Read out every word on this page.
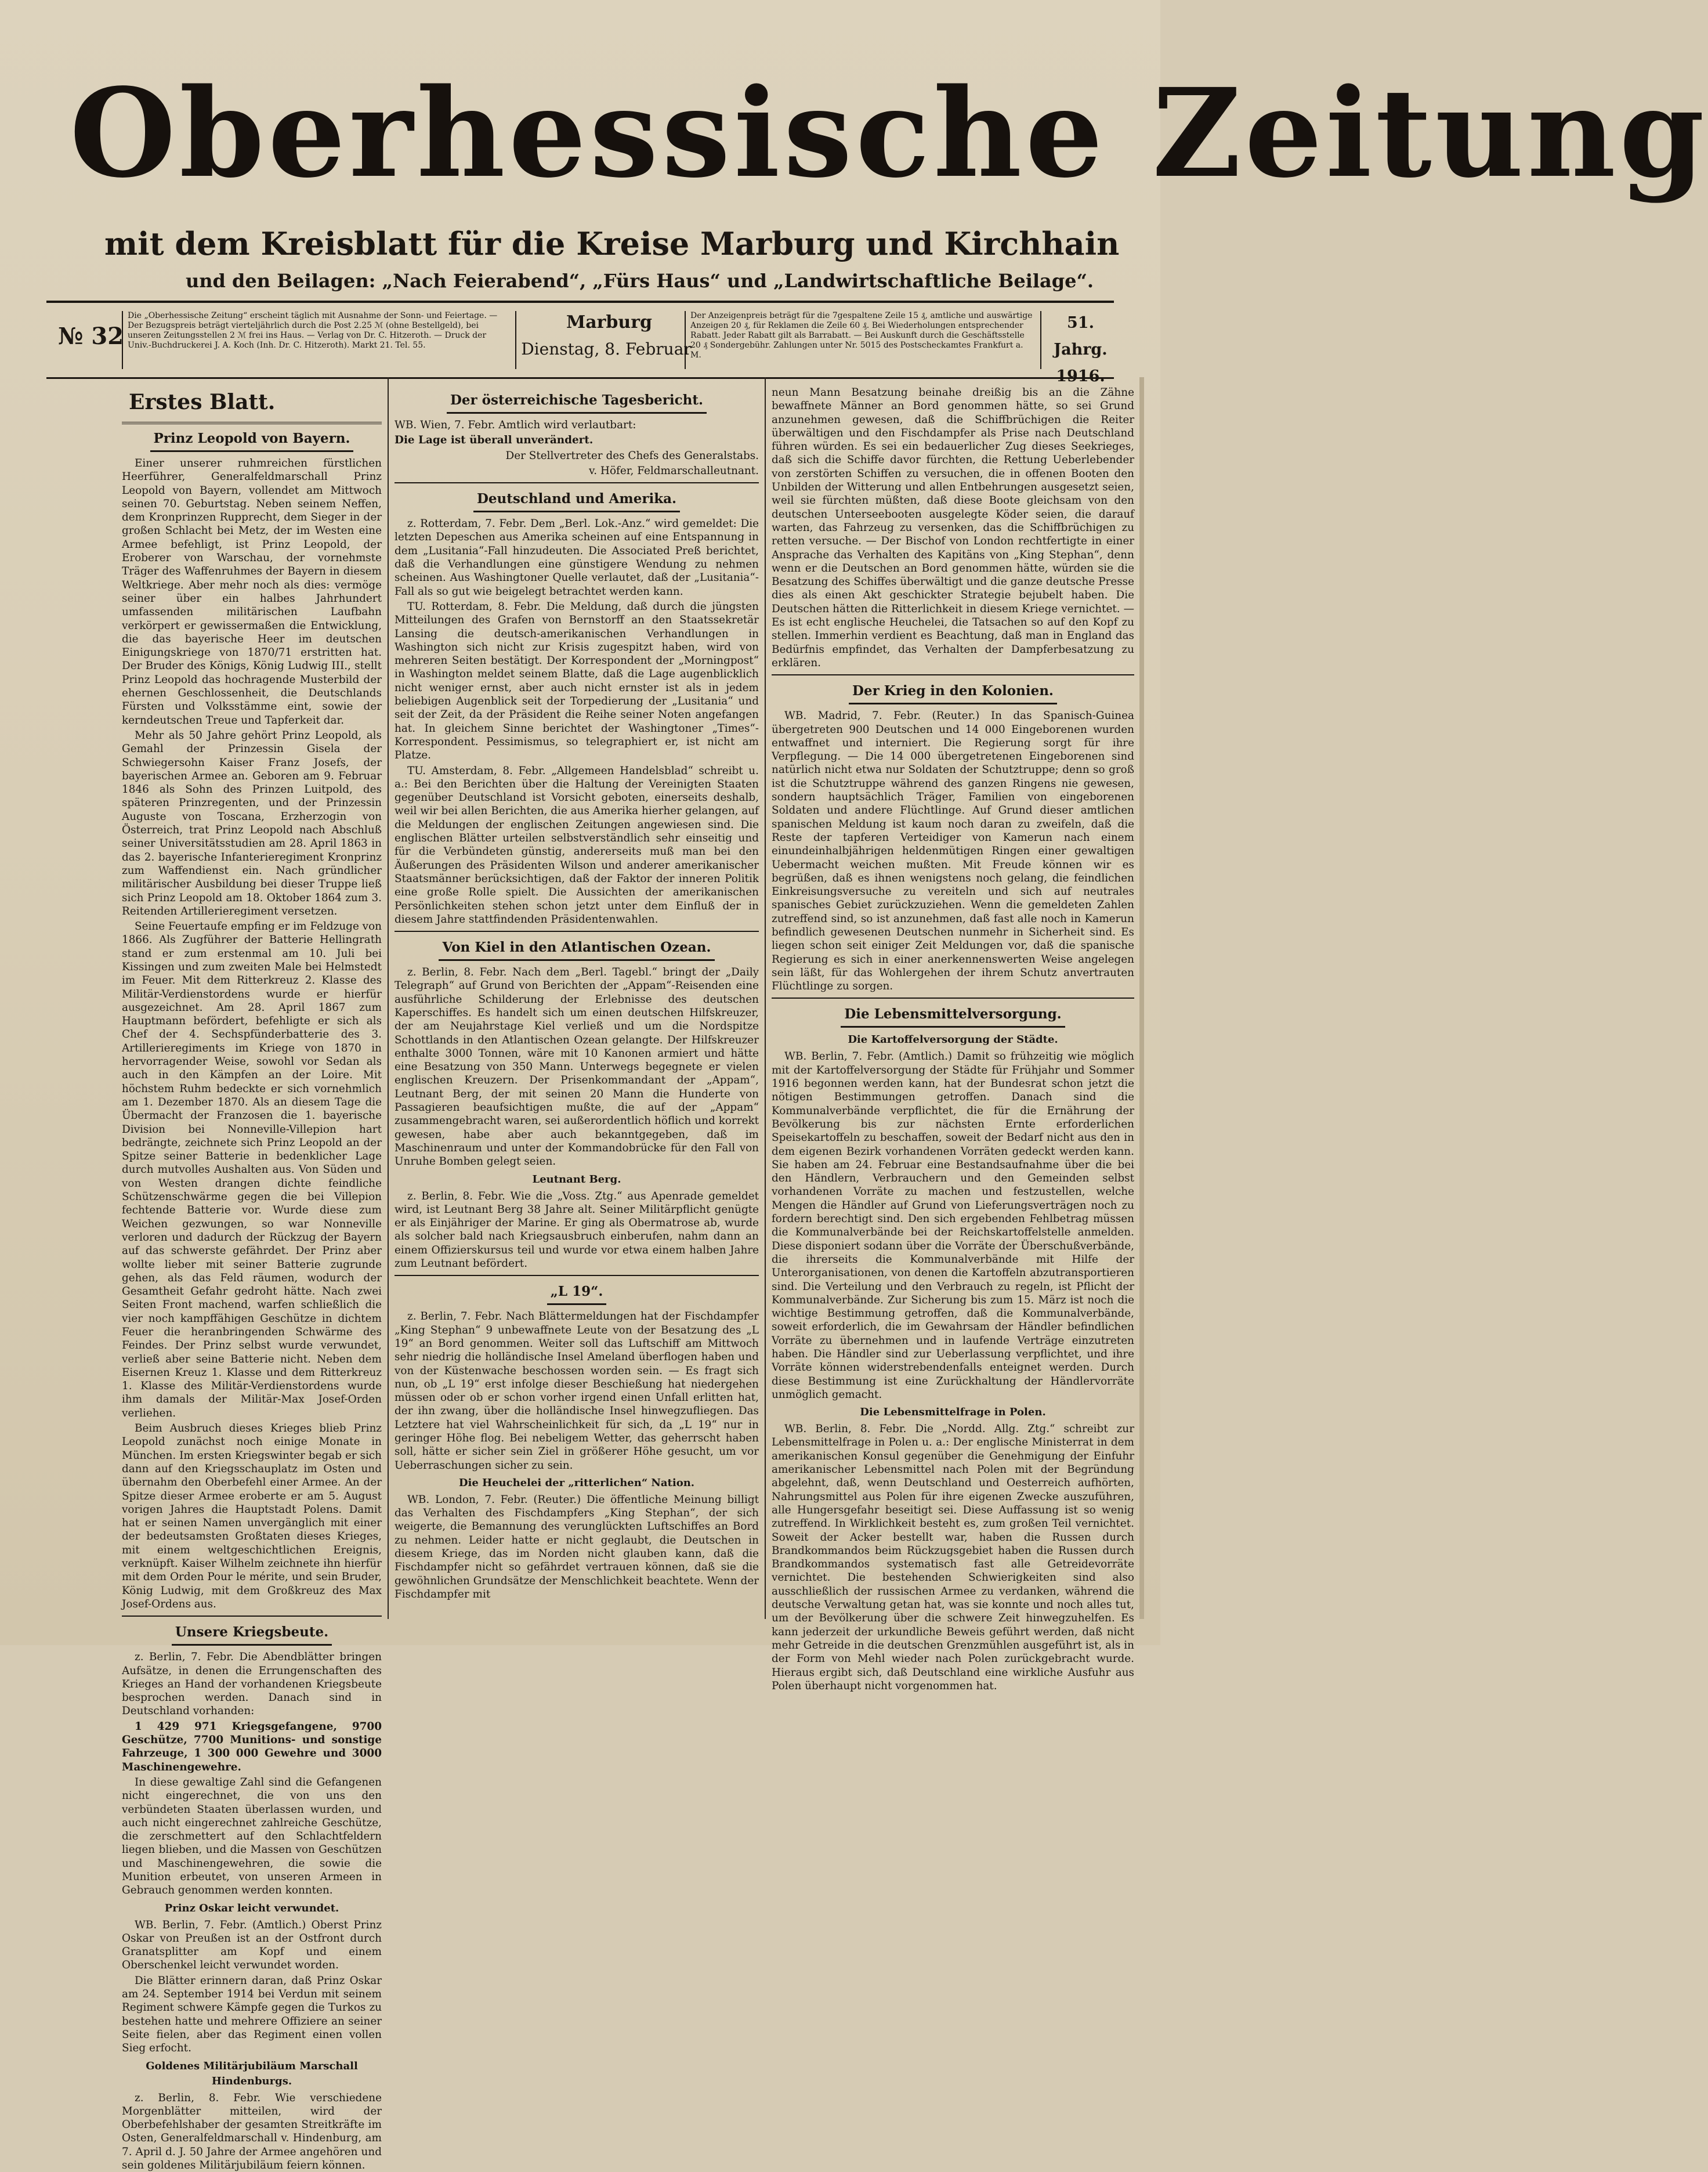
Oberhessische Zeitung
mit dem Kreisblatt für die Kreise Marburg und Kirchhain
und den Beilagen: „Nach Feierabend“, „Fürs Haus“ und „Landwirtschaftliche Beilage“.
№ 32
Die „Oberhessische Zeitung“ erscheint täglich mit Ausnahme der Sonn- und Feiertage. — Der Bezugspreis beträgt vierteljährlich durch die Post 2.25 ℳ (ohne Bestellgeld), bei unseren Zeitungsstellen 2 ℳ frei ins Haus. — Verlag von Dr. C. Hitzeroth. — Druck der Univ.-Buchdruckerei J. A. Koch (Inh. Dr. C. Hitzeroth). Markt 21. Tel. 55.
Marburg
Dienstag, 8. Februar
Der Anzeigenpreis beträgt für die 7gespaltene Zeile 15 ₰, amtliche und auswärtige Anzeigen 20 ₰, für Reklamen die Zeile 60 ₰. Bei Wiederholungen entsprechender Rabatt. Jeder Rabatt gilt als Barrabatt. — Bei Auskunft durch die Geschäftsstelle 20 ₰ Sondergebühr. Zahlungen unter Nr. 5015 des Postscheckamtes Frankfurt a. M.
51. Jahrg.
1916.
Erstes Blatt.
Prinz Leopold von Bayern.

Einer unserer ruhmreichen fürstlichen Heerführer, Generalfeldmarschall Prinz Leopold von Bayern, vollendet am Mittwoch seinen 70. Geburtstag. Neben seinem Neffen, dem Kronprinzen Rupprecht, dem Sieger in der großen Schlacht bei Metz, der im Westen eine Armee befehligt, ist Prinz Leopold, der Eroberer von Warschau, der vornehmste Träger des Waffenruhmes der Bayern in diesem Weltkriege. Aber mehr noch als dies: vermöge seiner über ein halbes Jahrhundert umfassenden militärischen Laufbahn verkörpert er gewissermaßen die Entwicklung, die das bayerische Heer im deutschen Einigungskriege von 1870/71 erstritten hat. Der Bruder des Königs, König Ludwig III., stellt Prinz Leopold das hochragende Musterbild der ehernen Geschlossenheit, die Deutschlands Fürsten und Volksstämme eint, sowie der kerndeutschen Treue und Tapferkeit dar.

Mehr als 50 Jahre gehört Prinz Leopold, als Gemahl der Prinzessin Gisela der Schwiegersohn Kaiser Franz Josefs, der bayerischen Armee an. Geboren am 9. Februar 1846 als Sohn des Prinzen Luitpold, des späteren Prinzregenten, und der Prinzessin Auguste von Toscana, Erzherzogin von Österreich, trat Prinz Leopold nach Abschluß seiner Universitätsstudien am 28. April 1863 in das 2. bayerische Infanterieregiment Kronprinz zum Waffendienst ein. Nach gründlicher militärischer Ausbildung bei dieser Truppe ließ sich Prinz Leopold am 18. Oktober 1864 zum 3. Reitenden Artillerieregiment versetzen.

Seine Feuertaufe empfing er im Feldzuge von 1866. Als Zugführer der Batterie Hellingrath stand er zum erstenmal am 10. Juli bei Kissingen und zum zweiten Male bei Helmstedt im Feuer. Mit dem Ritterkreuz 2. Klasse des Militär-Verdienstordens wurde er hierfür ausgezeichnet. Am 28. April 1867 zum Hauptmann befördert, befehligte er sich als Chef der 4. Sechspfünderbatterie des 3. Artillerieregiments im Kriege von 1870 in hervorragender Weise, sowohl vor Sedan als auch in den Kämpfen an der Loire. Mit höchstem Ruhm bedeckte er sich vornehmlich am 1. Dezember 1870. Als an diesem Tage die Übermacht der Franzosen die 1. bayerische Division bei Nonneville-Villepion hart bedrängte, zeichnete sich Prinz Leopold an der Spitze seiner Batterie in bedenklicher Lage durch mutvolles Aushalten aus. Von Süden und von Westen drangen dichte feindliche Schützenschwärme gegen die bei Villepion fechtende Batterie vor. Wurde diese zum Weichen gezwungen, so war Nonneville verloren und dadurch der Rückzug der Bayern auf das schwerste gefährdet. Der Prinz aber wollte lieber mit seiner Batterie zugrunde gehen, als das Feld räumen, wodurch der Gesamtheit Gefahr gedroht hätte. Nach zwei Seiten Front machend, warfen schließlich die vier noch kampffähigen Geschütze in dichtem Feuer die heranbringenden Schwärme des Feindes. Der Prinz selbst wurde verwundet, verließ aber seine Batterie nicht. Neben dem Eisernen Kreuz 1. Klasse und dem Ritterkreuz 1. Klasse des Militär-Verdienstordens wurde ihm damals der Militär-Max Josef-Orden verliehen.

Beim Ausbruch dieses Krieges blieb Prinz Leopold zunächst noch einige Monate in München. Im ersten Kriegswinter begab er sich dann auf den Kriegsschauplatz im Osten und übernahm den Oberbefehl einer Armee. An der Spitze dieser Armee eroberte er am 5. August vorigen Jahres die Hauptstadt Polens. Damit hat er seinen Namen unvergänglich mit einer der bedeutsamsten Großtaten dieses Krieges, mit einem weltgeschichtlichen Ereignis, verknüpft. Kaiser Wilhelm zeichnete ihn hierfür mit dem Orden Pour le mérite, und sein Bruder, König Ludwig, mit dem Großkreuz des Max Josef-Ordens aus.

Unsere Kriegsbeute.

z. Berlin, 7. Febr. Die Abendblätter bringen Aufsätze, in denen die Errungenschaften des Krieges an Hand der vorhandenen Kriegsbeute besprochen werden. Danach sind in Deutschland vorhanden:

1 429 971 Kriegsgefangene, 9700 Geschütze, 7700 Munitions- und sonstige Fahrzeuge, 1 300 000 Gewehre und 3000 Maschinengewehre.

In diese gewaltige Zahl sind die Gefangenen nicht eingerechnet, die von uns den verbündeten Staaten überlassen wurden, und auch nicht eingerechnet zahlreiche Geschütze, die zerschmettert auf den Schlachtfeldern liegen blieben, und die Massen von Geschützen und Maschinengewehren, die sowie die Munition erbeutet, von unseren Armeen in Gebrauch genommen werden konnten.

Prinz Oskar leicht verwundet.

WB. Berlin, 7. Febr. (Amtlich.) Oberst Prinz Oskar von Preußen ist an der Ostfront durch Granatsplitter am Kopf und einem Oberschenkel leicht verwundet worden.

Die Blätter erinnern daran, daß Prinz Oskar am 24. September 1914 bei Verdun mit seinem Regiment schwere Kämpfe gegen die Turkos zu bestehen hatte und mehrere Offiziere an seiner Seite fielen, aber das Regiment einen vollen Sieg erfocht.

Goldenes Militärjubiläum Marschall Hindenburgs.

z. Berlin, 8. Febr. Wie verschiedene Morgenblätter mitteilen, wird der Oberbefehlshaber der gesamten Streitkräfte im Osten, Generalfeldmarschall v. Hindenburg, am 7. April d. J. 50 Jahre der Armee angehören und sein goldenes Militärjubiläum feiern können.

Der österreichische Tagesbericht.

WB. Wien, 7. Febr. Amtlich wird verlautbart:

Die Lage ist überall unverändert.

Der Stellvertreter des Chefs des Generalstabs.
v. Höfer, Feldmarschalleutnant.
Deutschland und Amerika.

z. Rotterdam, 7. Febr. Dem „Berl. Lok.-Anz.“ wird gemeldet: Die letzten Depeschen aus Amerika scheinen auf eine Entspannung in dem „Lusitania“-Fall hinzudeuten. Die Associated Preß berichtet, daß die Verhandlungen eine günstigere Wendung zu nehmen scheinen. Aus Washingtoner Quelle verlautet, daß der „Lusitania“-Fall als so gut wie beigelegt betrachtet werden kann.

TU. Rotterdam, 8. Febr. Die Meldung, daß durch die jüngsten Mitteilungen des Grafen von Bernstorff an den Staatssekretär Lansing die deutsch-amerikanischen Verhandlungen in Washington sich nicht zur Krisis zugespitzt haben, wird von mehreren Seiten bestätigt. Der Korrespondent der „Morningpost“ in Washington meldet seinem Blatte, daß die Lage augenblicklich nicht weniger ernst, aber auch nicht ernster ist als in jedem beliebigen Augenblick seit der Torpedierung der „Lusitania“ und seit der Zeit, da der Präsident die Reihe seiner Noten angefangen hat. In gleichem Sinne berichtet der Washingtoner „Times“-Korrespondent. Pessimismus, so telegraphiert er, ist nicht am Platze.

TU. Amsterdam, 8. Febr. „Allgemeen Handelsblad“ schreibt u. a.: Bei den Berichten über die Haltung der Vereinigten Staaten gegenüber Deutschland ist Vorsicht geboten, einerseits deshalb, weil wir bei allen Berichten, die aus Amerika hierher gelangen, auf die Meldungen der englischen Zeitungen angewiesen sind. Die englischen Blätter urteilen selbstverständlich sehr einseitig und für die Verbündeten günstig, andererseits muß man bei den Äußerungen des Präsidenten Wilson und anderer amerikanischer Staatsmänner berücksichtigen, daß der Faktor der inneren Politik eine große Rolle spielt. Die Aussichten der amerikanischen Persönlichkeiten stehen schon jetzt unter dem Einfluß der in diesem Jahre stattfindenden Präsidentenwahlen.

Von Kiel in den Atlantischen Ozean.

z. Berlin, 8. Febr. Nach dem „Berl. Tagebl.“ bringt der „Daily Telegraph“ auf Grund von Berichten der „Appam“-Reisenden eine ausführliche Schilderung der Erlebnisse des deutschen Kaperschiffes. Es handelt sich um einen deutschen Hilfskreuzer, der am Neujahrstage Kiel verließ und um die Nordspitze Schottlands in den Atlantischen Ozean gelangte. Der Hilfskreuzer enthalte 3000 Tonnen, wäre mit 10 Kanonen armiert und hätte eine Besatzung von 350 Mann. Unterwegs begegnete er vielen englischen Kreuzern. Der Prisenkommandant der „Appam“, Leutnant Berg, der mit seinen 20 Mann die Hunderte von Passagieren beaufsichtigen mußte, die auf der „Appam“ zusammengebracht waren, sei außerordentlich höflich und korrekt gewesen, habe aber auch bekanntgegeben, daß im Maschinenraum und unter der Kommandobrücke für den Fall von Unruhe Bomben gelegt seien.

Leutnant Berg.

z. Berlin, 8. Febr. Wie die „Voss. Ztg.“ aus Apenrade gemeldet wird, ist Leutnant Berg 38 Jahre alt. Seiner Militärpflicht genügte er als Einjähriger der Marine. Er ging als Obermatrose ab, wurde als solcher bald nach Kriegsausbruch einberufen, nahm dann an einem Offizierskursus teil und wurde vor etwa einem halben Jahre zum Leutnant befördert.

„L 19“.

z. Berlin, 7. Febr. Nach Blättermeldungen hat der Fischdampfer „King Stephan“ 9 unbewaffnete Leute von der Besatzung des „L 19“ an Bord genommen. Weiter soll das Luftschiff am Mittwoch sehr niedrig die holländische Insel Ameland überflogen haben und von der Küstenwache beschossen worden sein. — Es fragt sich nun, ob „L 19“ erst infolge dieser Beschießung hat niedergehen müssen oder ob er schon vorher irgend einen Unfall erlitten hat, der ihn zwang, über die holländische Insel hinwegzufliegen. Das Letztere hat viel Wahrscheinlichkeit für sich, da „L 19“ nur in geringer Höhe flog. Bei nebeligem Wetter, das geherrscht haben soll, hätte er sicher sein Ziel in größerer Höhe gesucht, um vor Ueberraschungen sicher zu sein.

Die Heuchelei der „ritterlichen“ Nation.

WB. London, 7. Febr. (Reuter.) Die öffentliche Meinung billigt das Verhalten des Fischdampfers „King Stephan“, der sich weigerte, die Bemannung des verunglückten Luftschiffes an Bord zu nehmen. Leider hatte er nicht geglaubt, die Deutschen in diesem Kriege, das im Norden nicht glauben kann, daß die Fischdampfer nicht so gefährdet vertrauen können, daß sie die gewöhnlichen Grundsätze der Menschlichkeit beachtete. Wenn der Fischdampfer mit

neun Mann Besatzung beinahe dreißig bis an die Zähne bewaffnete Männer an Bord genommen hätte, so sei Grund anzunehmen gewesen, daß die Schiffbrüchigen die Reiter überwältigen und den Fischdampfer als Prise nach Deutschland führen würden. Es sei ein bedauerlicher Zug dieses Seekrieges, daß sich die Schiffe davor fürchten, die Rettung Ueberlebender von zerstörten Schiffen zu versuchen, die in offenen Booten den Unbilden der Witterung und allen Entbehrungen ausgesetzt seien, weil sie fürchten müßten, daß diese Boote gleichsam von den deutschen Unterseebooten ausgelegte Köder seien, die darauf warten, das Fahrzeug zu versenken, das die Schiffbrüchigen zu retten versuche. — Der Bischof von London rechtfertigte in einer Ansprache das Verhalten des Kapitäns von „King Stephan“, denn wenn er die Deutschen an Bord genommen hätte, würden sie die Besatzung des Schiffes überwältigt und die ganze deutsche Presse dies als einen Akt geschickter Strategie bejubelt haben. Die Deutschen hätten die Ritterlichkeit in diesem Kriege vernichtet. — Es ist echt englische Heuchelei, die Tatsachen so auf den Kopf zu stellen. Immerhin verdient es Beachtung, daß man in England das Bedürfnis empfindet, das Verhalten der Dampferbesatzung zu erklären.

Der Krieg in den Kolonien.

WB. Madrid, 7. Febr. (Reuter.) In das Spanisch-Guinea übergetreten 900 Deutschen und 14 000 Eingeborenen wurden entwaffnet und interniert. Die Regierung sorgt für ihre Verpflegung. — Die 14 000 übergetretenen Eingeborenen sind natürlich nicht etwa nur Soldaten der Schutztruppe; denn so groß ist die Schutztruppe während des ganzen Ringens nie gewesen, sondern hauptsächlich Träger, Familien von eingeborenen Soldaten und andere Flüchtlinge. Auf Grund dieser amtlichen spanischen Meldung ist kaum noch daran zu zweifeln, daß die Reste der tapferen Verteidiger von Kamerun nach einem einundeinhalbjährigen heldenmütigen Ringen einer gewaltigen Uebermacht weichen mußten. Mit Freude können wir es begrüßen, daß es ihnen wenigstens noch gelang, die feindlichen Einkreisungsversuche zu vereiteln und sich auf neutrales spanisches Gebiet zurückzuziehen. Wenn die gemeldeten Zahlen zutreffend sind, so ist anzunehmen, daß fast alle noch in Kamerun befindlich gewesenen Deutschen nunmehr in Sicherheit sind. Es liegen schon seit einiger Zeit Meldungen vor, daß die spanische Regierung es sich in einer anerkennenswerten Weise angelegen sein läßt, für das Wohlergehen der ihrem Schutz anvertrauten Flüchtlinge zu sorgen.

Die Lebensmittelversorgung.
Die Kartoffelversorgung der Städte.

WB. Berlin, 7. Febr. (Amtlich.) Damit so frühzeitig wie möglich mit der Kartoffelversorgung der Städte für Frühjahr und Sommer 1916 begonnen werden kann, hat der Bundesrat schon jetzt die nötigen Bestimmungen getroffen. Danach sind die Kommunalverbände verpflichtet, die für die Ernährung der Bevölkerung bis zur nächsten Ernte erforderlichen Speisekartoffeln zu beschaffen, soweit der Bedarf nicht aus den in dem eigenen Bezirk vorhandenen Vorräten gedeckt werden kann. Sie haben am 24. Februar eine Bestandsaufnahme über die bei den Händlern, Verbrauchern und den Gemeinden selbst vorhandenen Vorräte zu machen und festzustellen, welche Mengen die Händler auf Grund von Lieferungsverträgen noch zu fordern berechtigt sind. Den sich ergebenden Fehlbetrag müssen die Kommunalverbände bei der Reichskartoffelstelle anmelden. Diese disponiert sodann über die Vorräte der Überschußverbände, die ihrerseits die Kommunalverbände mit Hilfe der Unterorganisationen, von denen die Kartoffeln abzutransportieren sind. Die Verteilung und den Verbrauch zu regeln, ist Pflicht der Kommunalverbände. Zur Sicherung bis zum 15. März ist noch die wichtige Bestimmung getroffen, daß die Kommunalverbände, soweit erforderlich, die im Gewahrsam der Händler befindlichen Vorräte zu übernehmen und in laufende Verträge einzutreten haben. Die Händler sind zur Ueberlassung verpflichtet, und ihre Vorräte können widerstrebendenfalls enteignet werden. Durch diese Bestimmung ist eine Zurückhaltung der Händlervorräte unmöglich gemacht.

Die Lebensmittelfrage in Polen.

WB. Berlin, 8. Febr. Die „Nordd. Allg. Ztg.“ schreibt zur Lebensmittelfrage in Polen u. a.: Der englische Ministerrat in dem amerikanischen Konsul gegenüber die Genehmigung der Einfuhr amerikanischer Lebensmittel nach Polen mit der Begründung abgelehnt, daß, wenn Deutschland und Oesterreich aufhörten, Nahrungsmittel aus Polen für ihre eigenen Zwecke auszuführen, alle Hungersgefahr beseitigt sei. Diese Auffassung ist so wenig zutreffend. In Wirklichkeit besteht es, zum großen Teil vernichtet. Soweit der Acker bestellt war, haben die Russen durch Brandkommandos beim Rückzugsgebiet haben die Russen durch Brandkommandos systematisch fast alle Getreidevorräte vernichtet. Die bestehenden Schwierigkeiten sind also ausschließlich der russischen Armee zu verdanken, während die deutsche Verwaltung getan hat, was sie konnte und noch alles tut, um der Bevölkerung über die schwere Zeit hinwegzuhelfen. Es kann jederzeit der urkundliche Beweis geführt werden, daß nicht mehr Getreide in die deutschen Grenzmühlen ausgeführt ist, als in der Form von Mehl wieder nach Polen zurückgebracht wurde. Hieraus ergibt sich, daß Deutschland eine wirkliche Ausfuhr aus Polen überhaupt nicht vorgenommen hat.
